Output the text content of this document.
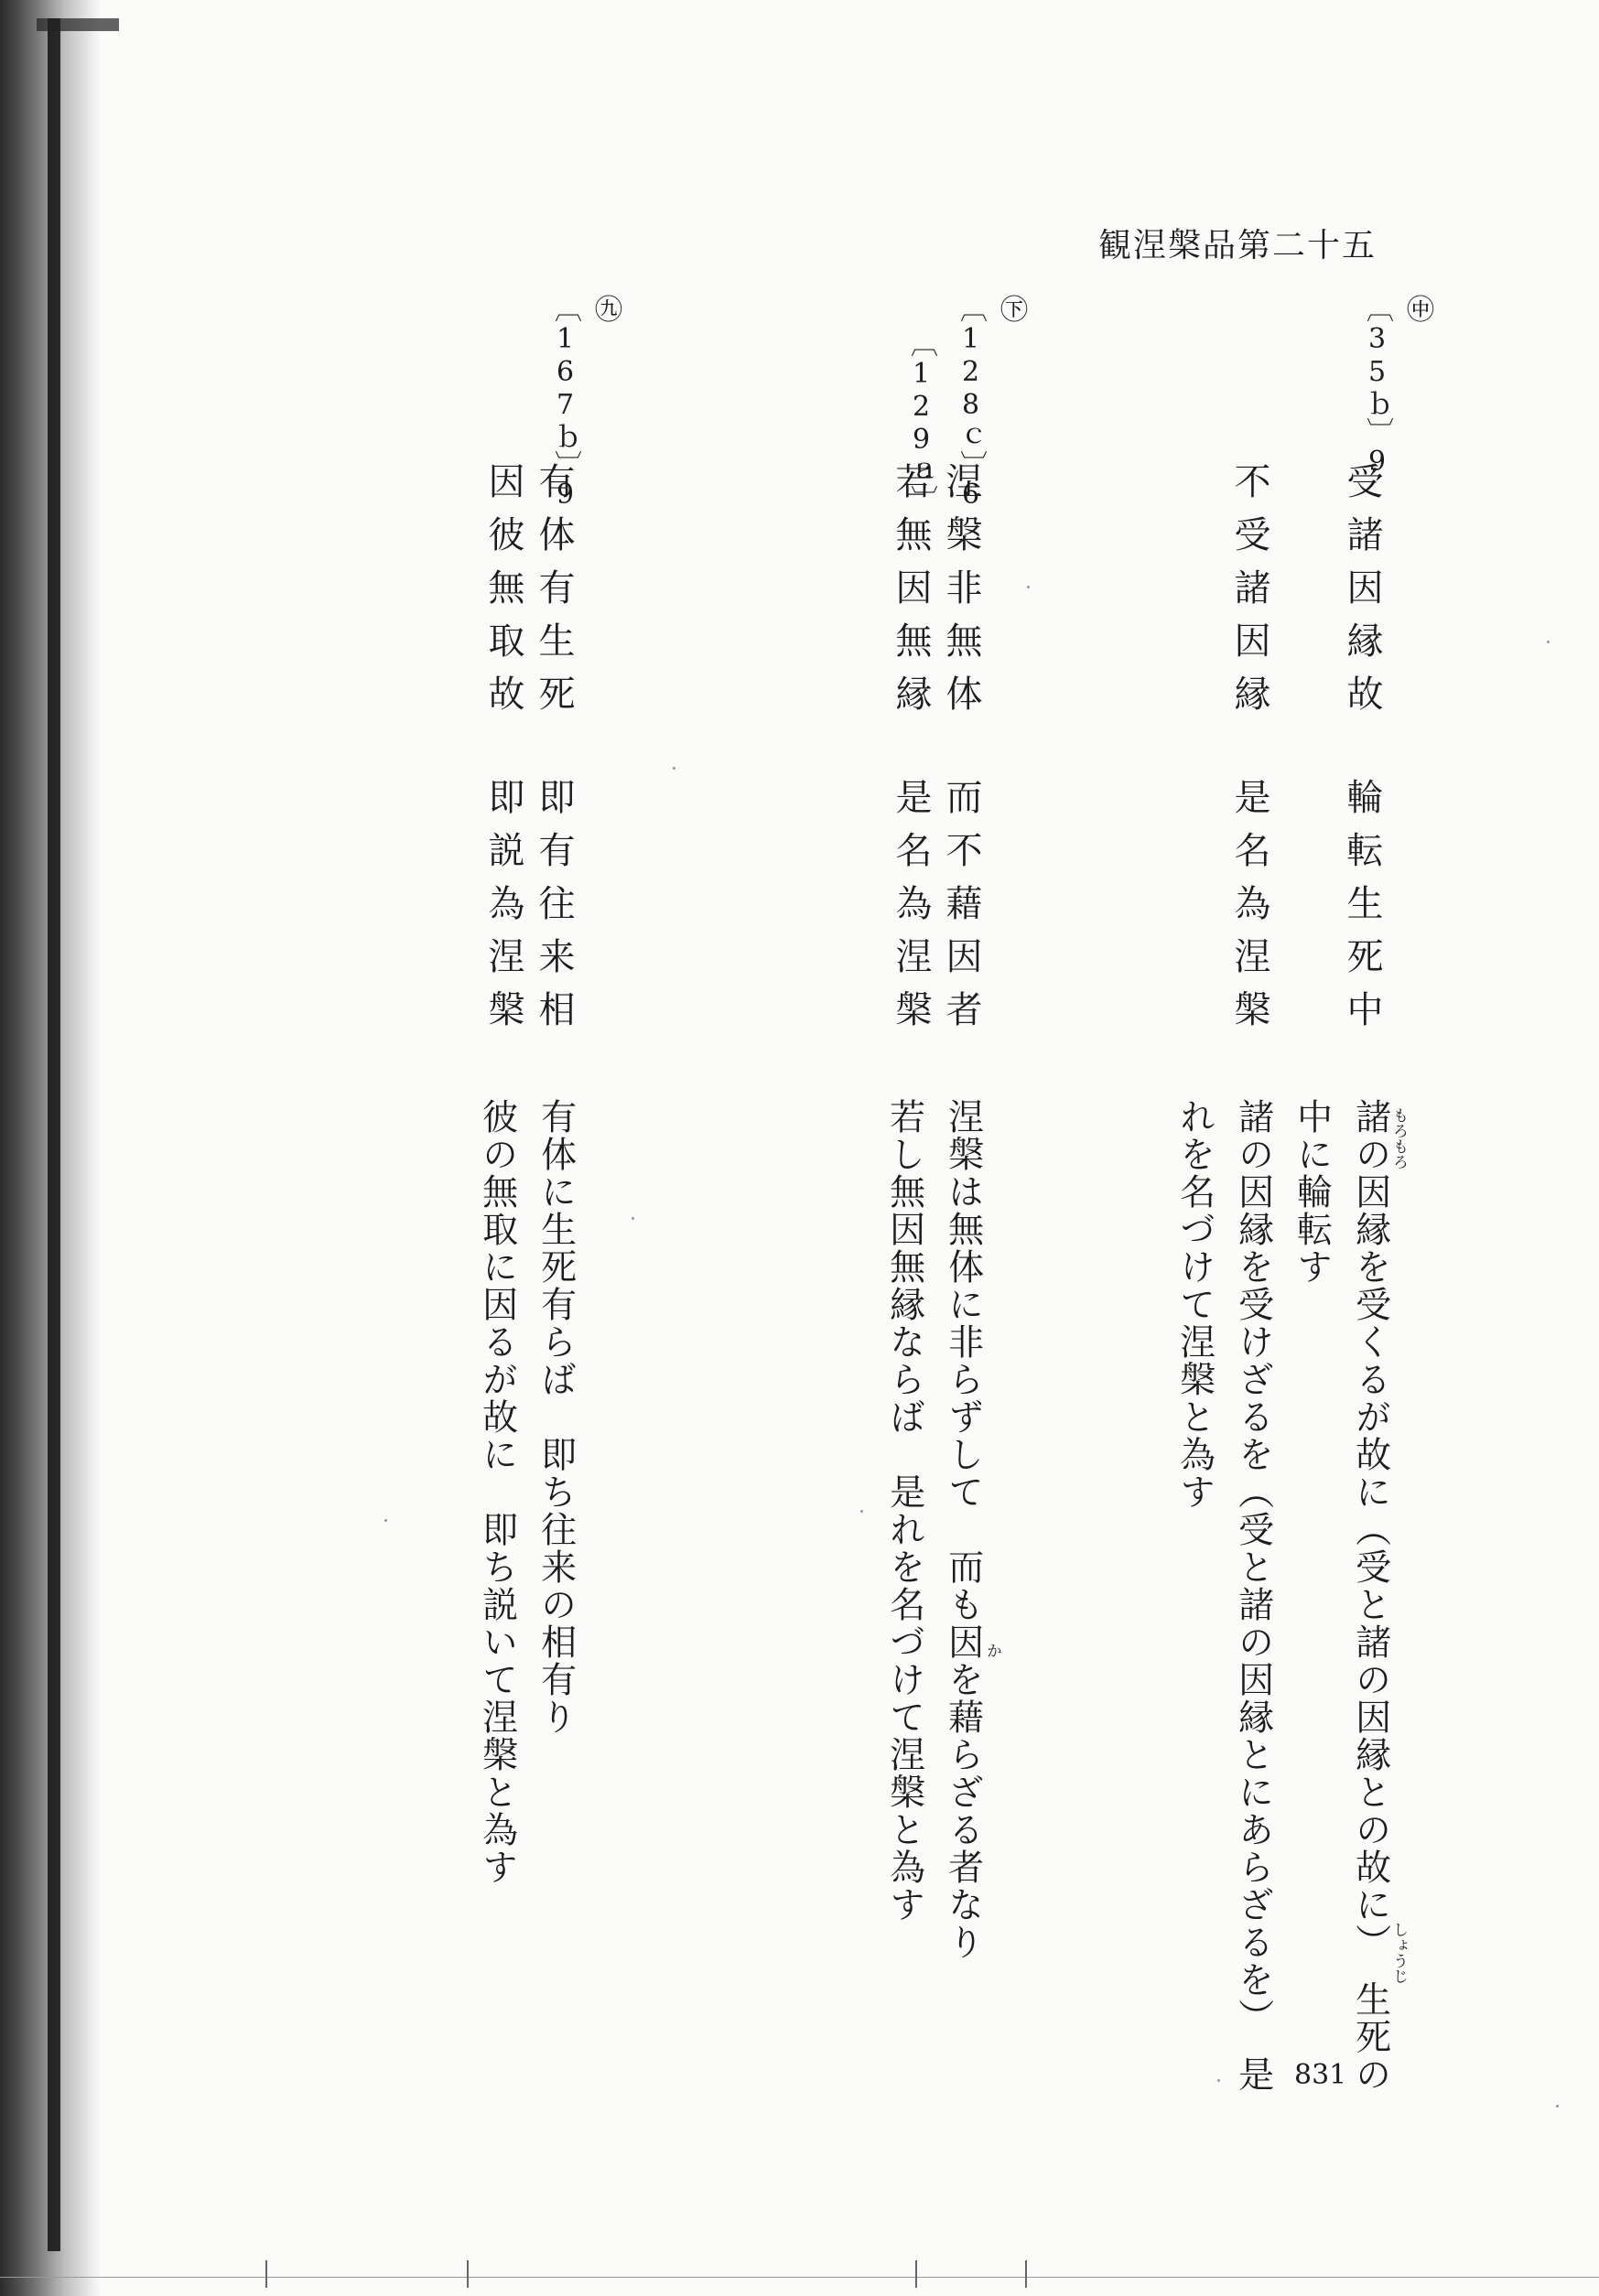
観涅槃品第二十五
㊥
〔35ｂ〕9
受諸因縁故輪転生死中
不受諸因縁是名為涅槃
㊦
〔128ｃ〕6
〔129ａ〕
涅槃非無体而不藉因者
若無因無縁是名為涅槃
㊈
〔167ｂ〕9
有体有生死即有往来相
因彼無取故即説為涅槃
諸の因縁を受くるが故に（受と諸の因縁との故に）　生死の
中に輪転す
諸の因縁を受けざるを（受と諸の因縁とにあらざるを）　是
れを名づけて涅槃と為す	もろもろ
しょうじ
涅槃は無体に非らずして　而も因を藉らざる者なり
若し無因無縁ならば　是れを名づけて涅槃と為す	か
有体に生死有らば　即ち往来の相有り
彼の無取に因るが故に　即ち説いて涅槃と為す
831
